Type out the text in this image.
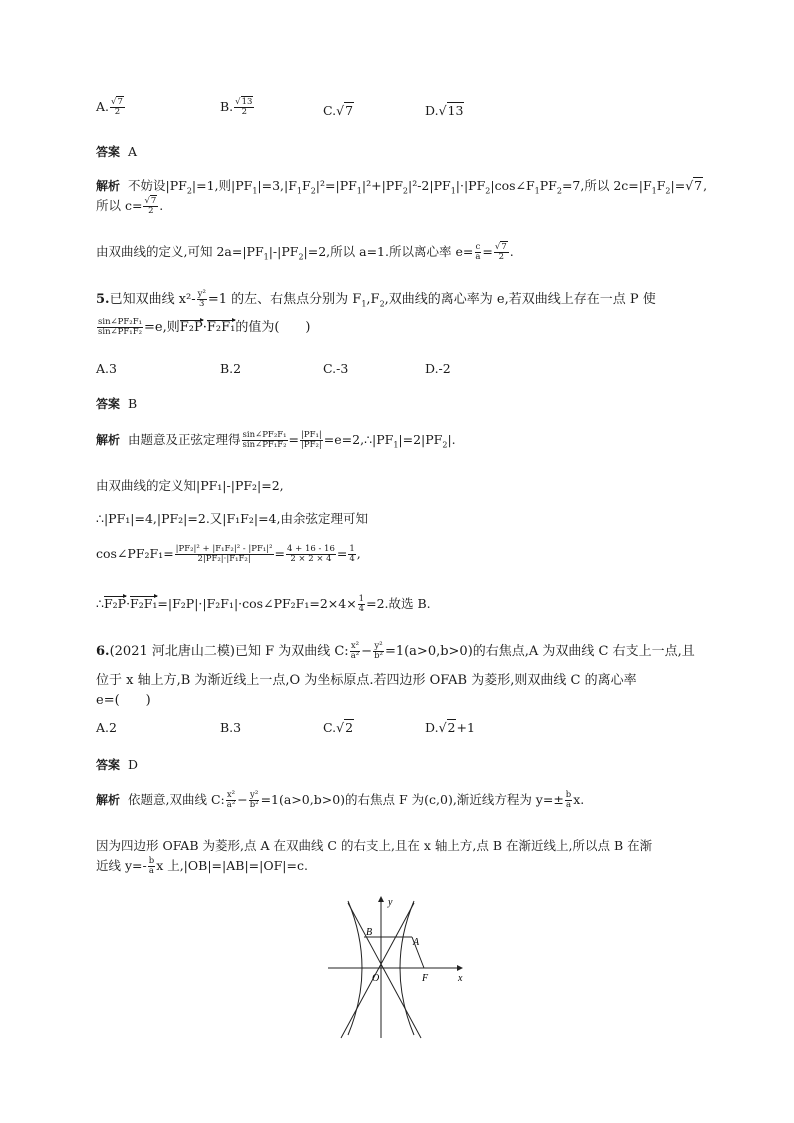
A. $\frac{√7}{2}$	B. $\frac{√13}{2}$	C.√7	D.√13
答案 A
解析 不妨设$|PF_2|=1$,则$|PF_1|=3,|F_1F_2|^2=|PF_1|^2+|PF_2|^2-2|PF_1|\cdot|PF_2|\cos\angle F_1PF_2=7$,所以 $2c=|F_1F_2|=√7$,
所以 $c= \frac{√7}{2}$ .
由双曲线的定义,可知 $2a=|PF_1|-|PF_2|=2$,所以 a=1.所以离心率 $e= \frac{c}{a} = \frac{√7}{2}$ .
5.已知双曲线 $x^2- \frac{\text{y²}}{3} =1$ 的左、右焦点分别为 $F_1,F_2$,双曲线的离心率为 e,若双曲线上存在一点 P 使
$\frac{\text{sin∠PF₂F₁}}{\text{sin∠PF₁F₂}} =e$,则F₂P·F₂F₁的值为(　　)
A.3	B.2	C.-3	D.-2
答案 B
解析 由题意及正弦定理得 $\frac{\text{sin∠PF₂F₁}}{\text{sin∠PF₁F₂}} = \frac{\text{|PF₁|}}{\text{|PF₂|}}$ $=e=2,\therefore|PF_1|=2|PF_2|$.
由双曲线的定义知|PF₁|-|PF₂|=2,
∴|PF₁|=4,|PF₂|=2.又|F₁F₂|=4,由余弦定理可知
cos∠PF₂F₁= $\frac{\text{|PF₂|² + |F₁F₂|² - |PF₁|²}}{\text{2|PF₂|·|F₁F₂|}} = \frac{4 + 16 - 16}{2 \times 2 \times 4} = \frac{1}{4}$ ,
∴F₂P·F₂F₁=|F₂P|·|F₂F₁|·cos∠PF₂F₁=2×4× $\frac{1}{4} =2$.故选 B.
6.(2021 河北唐山二模)已知 F 为双曲线 C: $\frac{\text{x²}}{\text{a²}} - \frac{\text{y²}}{\text{b²}} =1(a>0,b>0)$的右焦点,A 为双曲线 C 右支上一点,且
位于 x 轴上方,B 为渐近线上一点,O 为坐标原点.若四边形 OFAB 为菱形,则双曲线 C 的离心率
e=(　　)
A.2	B.3	C.√2	D.√2+1
答案 D
解析 依题意,双曲线 C: $\frac{\text{x²}}{\text{a²}} - \frac{\text{y²}}{\text{b²}} =1(a>0,b>0)$的右焦点 F 为(c,0),渐近线方程为 $y=\pm \frac{b}{a} x$.
因为四边形 OFAB 为菱形,点 A 在双曲线 C 的右支上,且在 x 轴上方,点 B 在渐近线上,所以点 B 在渐
近线 $y=- \frac{b}{a}$ x 上,|OB|=|AB|=|OF|=c.
y
x
B
A
O	F
